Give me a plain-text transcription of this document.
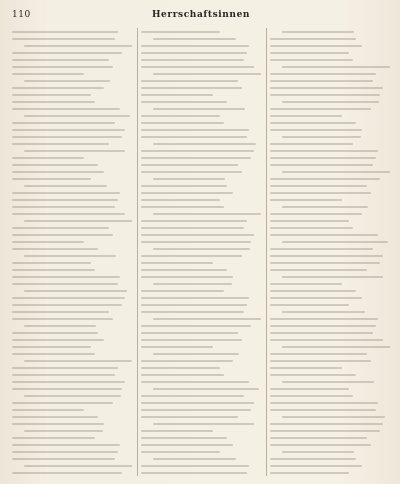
110	Herrschaftsinnen
